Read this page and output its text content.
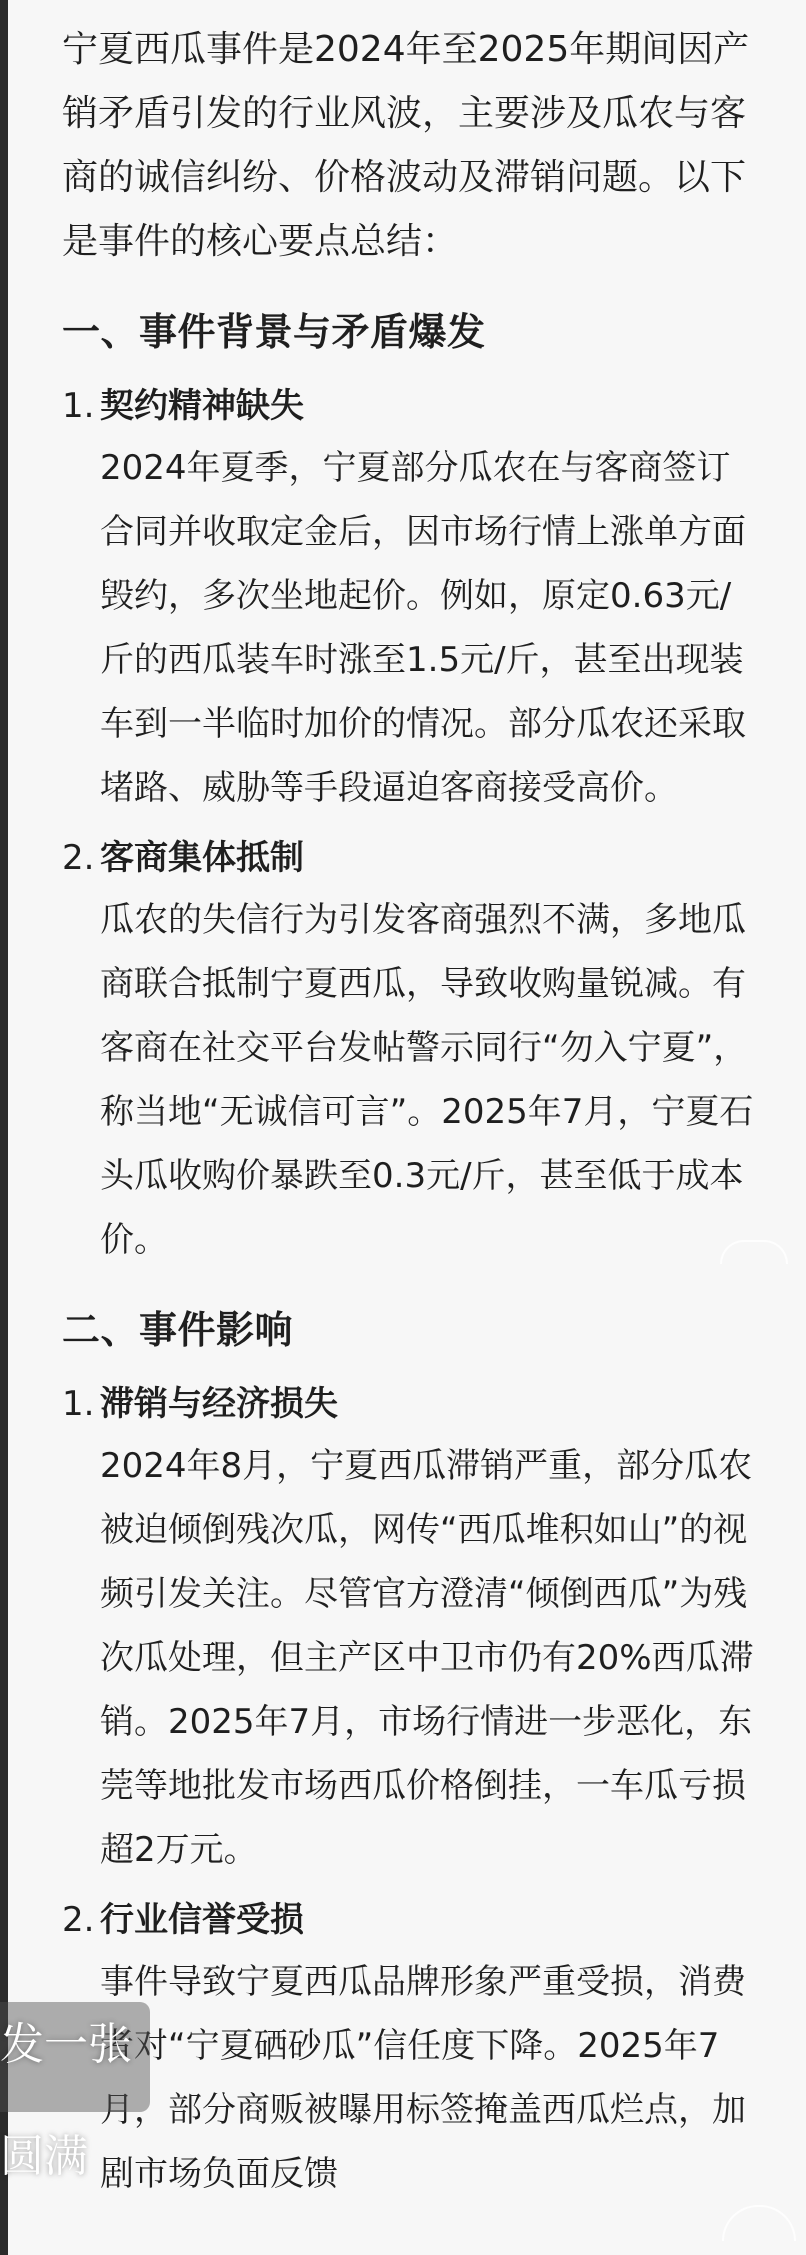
宁夏西瓜事件是2024年至2025年期间因产销矛盾引发的行业风波，主要涉及瓜农与客商的诚信纠纷、价格波动及滞销问题。以下是事件的核心要点总结：

一、事件背景与矛盾爆发
1. 契约精神缺失

2024年夏季，宁夏部分瓜农在与客商签订合同并收取定金后，因市场行情上涨单方面毁约，多次坐地起价。例如，原定0.63元/斤的西瓜装车时涨至1.5元/斤，甚至出现装车到一半临时加价的情况。部分瓜农还采取堵路、威胁等手段逼迫客商接受高价。

2. 客商集体抵制

瓜农的失信行为引发客商强烈不满，多地瓜商联合抵制宁夏西瓜，导致收购量锐减。有客商在社交平台发帖警示同行“勿入宁夏”，称当地“无诚信可言”。2025年7月，宁夏石头瓜收购价暴跌至0.3元/斤，甚至低于成本价。

二、事件影响
1. 滞销与经济损失

2024年8月，宁夏西瓜滞销严重，部分瓜农被迫倾倒残次瓜，网传“西瓜堆积如山”的视频引发关注。尽管官方澄清“倾倒西瓜”为残次瓜处理，但主产区中卫市仍有20%西瓜滞销。2025年7月，市场行情进一步恶化，东莞等地批发市场西瓜价格倒挂，一车瓜亏损超2万元。

2. 行业信誉受损

事件导致宁夏西瓜品牌形象严重受损，消费者对“宁夏硒砂瓜”信任度下降。2025年7月，部分商贩被曝用标签掩盖西瓜烂点，加剧市场负面反馈

发一张
圆满
